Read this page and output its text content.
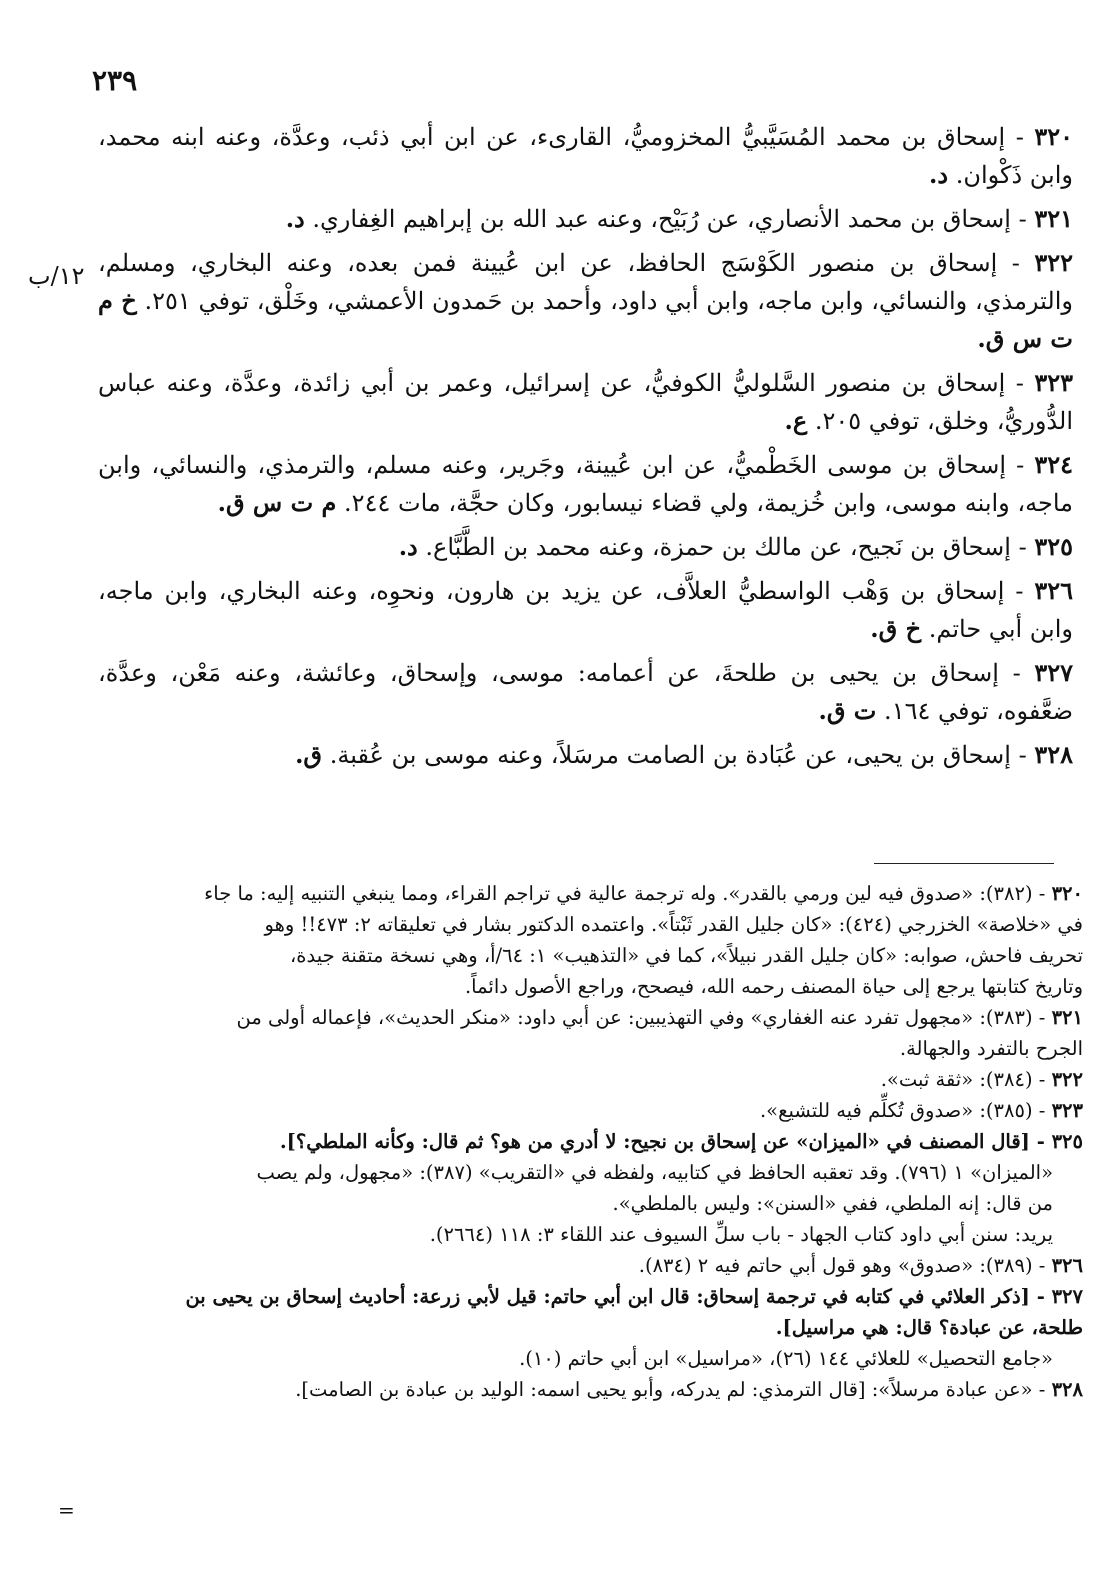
٢٣٩
١٢/ب
٣٢٠ - إسحاق بن محمد المُسَيَّبيُّ المخزوميُّ، القارىء، عن ابن أبي ذئب، وعدَّة، وعنه ابنه محمد، وابن ذَكْوان. د.
٣٢١ - إسحاق بن محمد الأنصاري، عن رُبَيْح، وعنه عبد الله بن إبراهيم الغِفاري. د.
٣٢٢ - إسحاق بن منصور الكَوْسَج الحافظ، عن ابن عُيينة فمن بعده، وعنه البخاري، ومسلم، والترمذي، والنسائي، وابن ماجه، وابن أبي داود، وأحمد بن حَمدون الأعمشي، وخَلْق، توفي ٢٥١. خ م ت س ق.
٣٢٣ - إسحاق بن منصور السَّلوليُّ الكوفيُّ، عن إسرائيل، وعمر بن أبي زائدة، وعدَّة، وعنه عباس الدُّوريُّ، وخلق، توفي ٢٠٥. ع.
٣٢٤ - إسحاق بن موسى الخَطْميُّ، عن ابن عُيينة، وجَرير، وعنه مسلم، والترمذي، والنسائي، وابن ماجه، وابنه موسى، وابن خُزيمة، ولي قضاء نيسابور، وكان حجَّة، مات ٢٤٤. م ت س ق.
٣٢٥ - إسحاق بن نَجيح، عن مالك بن حمزة، وعنه محمد بن الطَّبَّاع. د.
٣٢٦ - إسحاق بن وَهْب الواسطيُّ العلاَّف، عن يزيد بن هارون، ونحوِه، وعنه البخاري، وابن ماجه، وابن أبي حاتم. خ ق.
٣٢٧ - إسحاق بن يحيى بن طلحةَ، عن أعمامه: موسى، وإسحاق، وعائشة، وعنه مَعْن، وعدَّة، ضعَّفوه، توفي ١٦٤. ت ق.
٣٢٨ - إسحاق بن يحيى، عن عُبَادة بن الصامت مرسَلاً، وعنه موسى بن عُقبة. ق.
٣٢٠ - (٣٨٢): «صدوق فيه لين ورمي بالقدر». وله ترجمة عالية في تراجم القراء، ومما ينبغي التنبيه إليه: ما جاء
في «خلاصة» الخزرجي (٤٢٤): «كان جليل القدر ثَبْتاً». واعتمده الدكتور بشار في تعليقاته ٢: ٤٧٣!! وهو
تحريف فاحش، صوابه: «كان جليل القدر نبيلاً»، كما في «التذهيب» ١: ٦٤/أ، وهي نسخة متقنة جيدة،
وتاريخ كتابتها يرجع إلى حياة المصنف رحمه الله، فيصحح، وراجع الأصول دائماً.
٣٢١ - (٣٨٣): «مجهول تفرد عنه الغفاري» وفي التهذيبين: عن أبي داود: «منكر الحديث»، فإعماله أولى من
الجرح بالتفرد والجهالة.
٣٢٢ - (٣٨٤): «ثقة ثبت».
٣٢٣ - (٣٨٥): «صدوق تُكلِّم فيه للتشيع».
٣٢٥ - [قال المصنف في «الميزان» عن إسحاق بن نجيح: لا أدري من هو؟ ثم قال: وكأنه الملطي؟].
«الميزان» ١ (٧٩٦). وقد تعقبه الحافظ في كتابيه، ولفظه في «التقريب» (٣٨٧): «مجهول، ولم يصب
من قال: إنه الملطي، ففي «السنن»: وليس بالملطي».
يريد: سنن أبي داود كتاب الجهاد - باب سلِّ السيوف عند اللقاء ٣: ١١٨ (٢٦٦٤).
٣٢٦ - (٣٨٩): «صدوق» وهو قول أبي حاتم فيه ٢ (٨٣٤).
٣٢٧ - [ذكر العلائي في كتابه في ترجمة إسحاق: قال ابن أبي حاتم: قيل لأبي زرعة: أحاديث إسحاق بن يحيى بن
طلحة، عن عبادة؟ قال: هي مراسيل].
«جامع التحصيل» للعلائي ١٤٤ (٢٦)، «مراسيل» ابن أبي حاتم (١٠).
٣٢٨ - «عن عبادة مرسلاً»: [قال الترمذي: لم يدركه، وأبو يحيى اسمه: الوليد بن عبادة بن الصامت].
=
